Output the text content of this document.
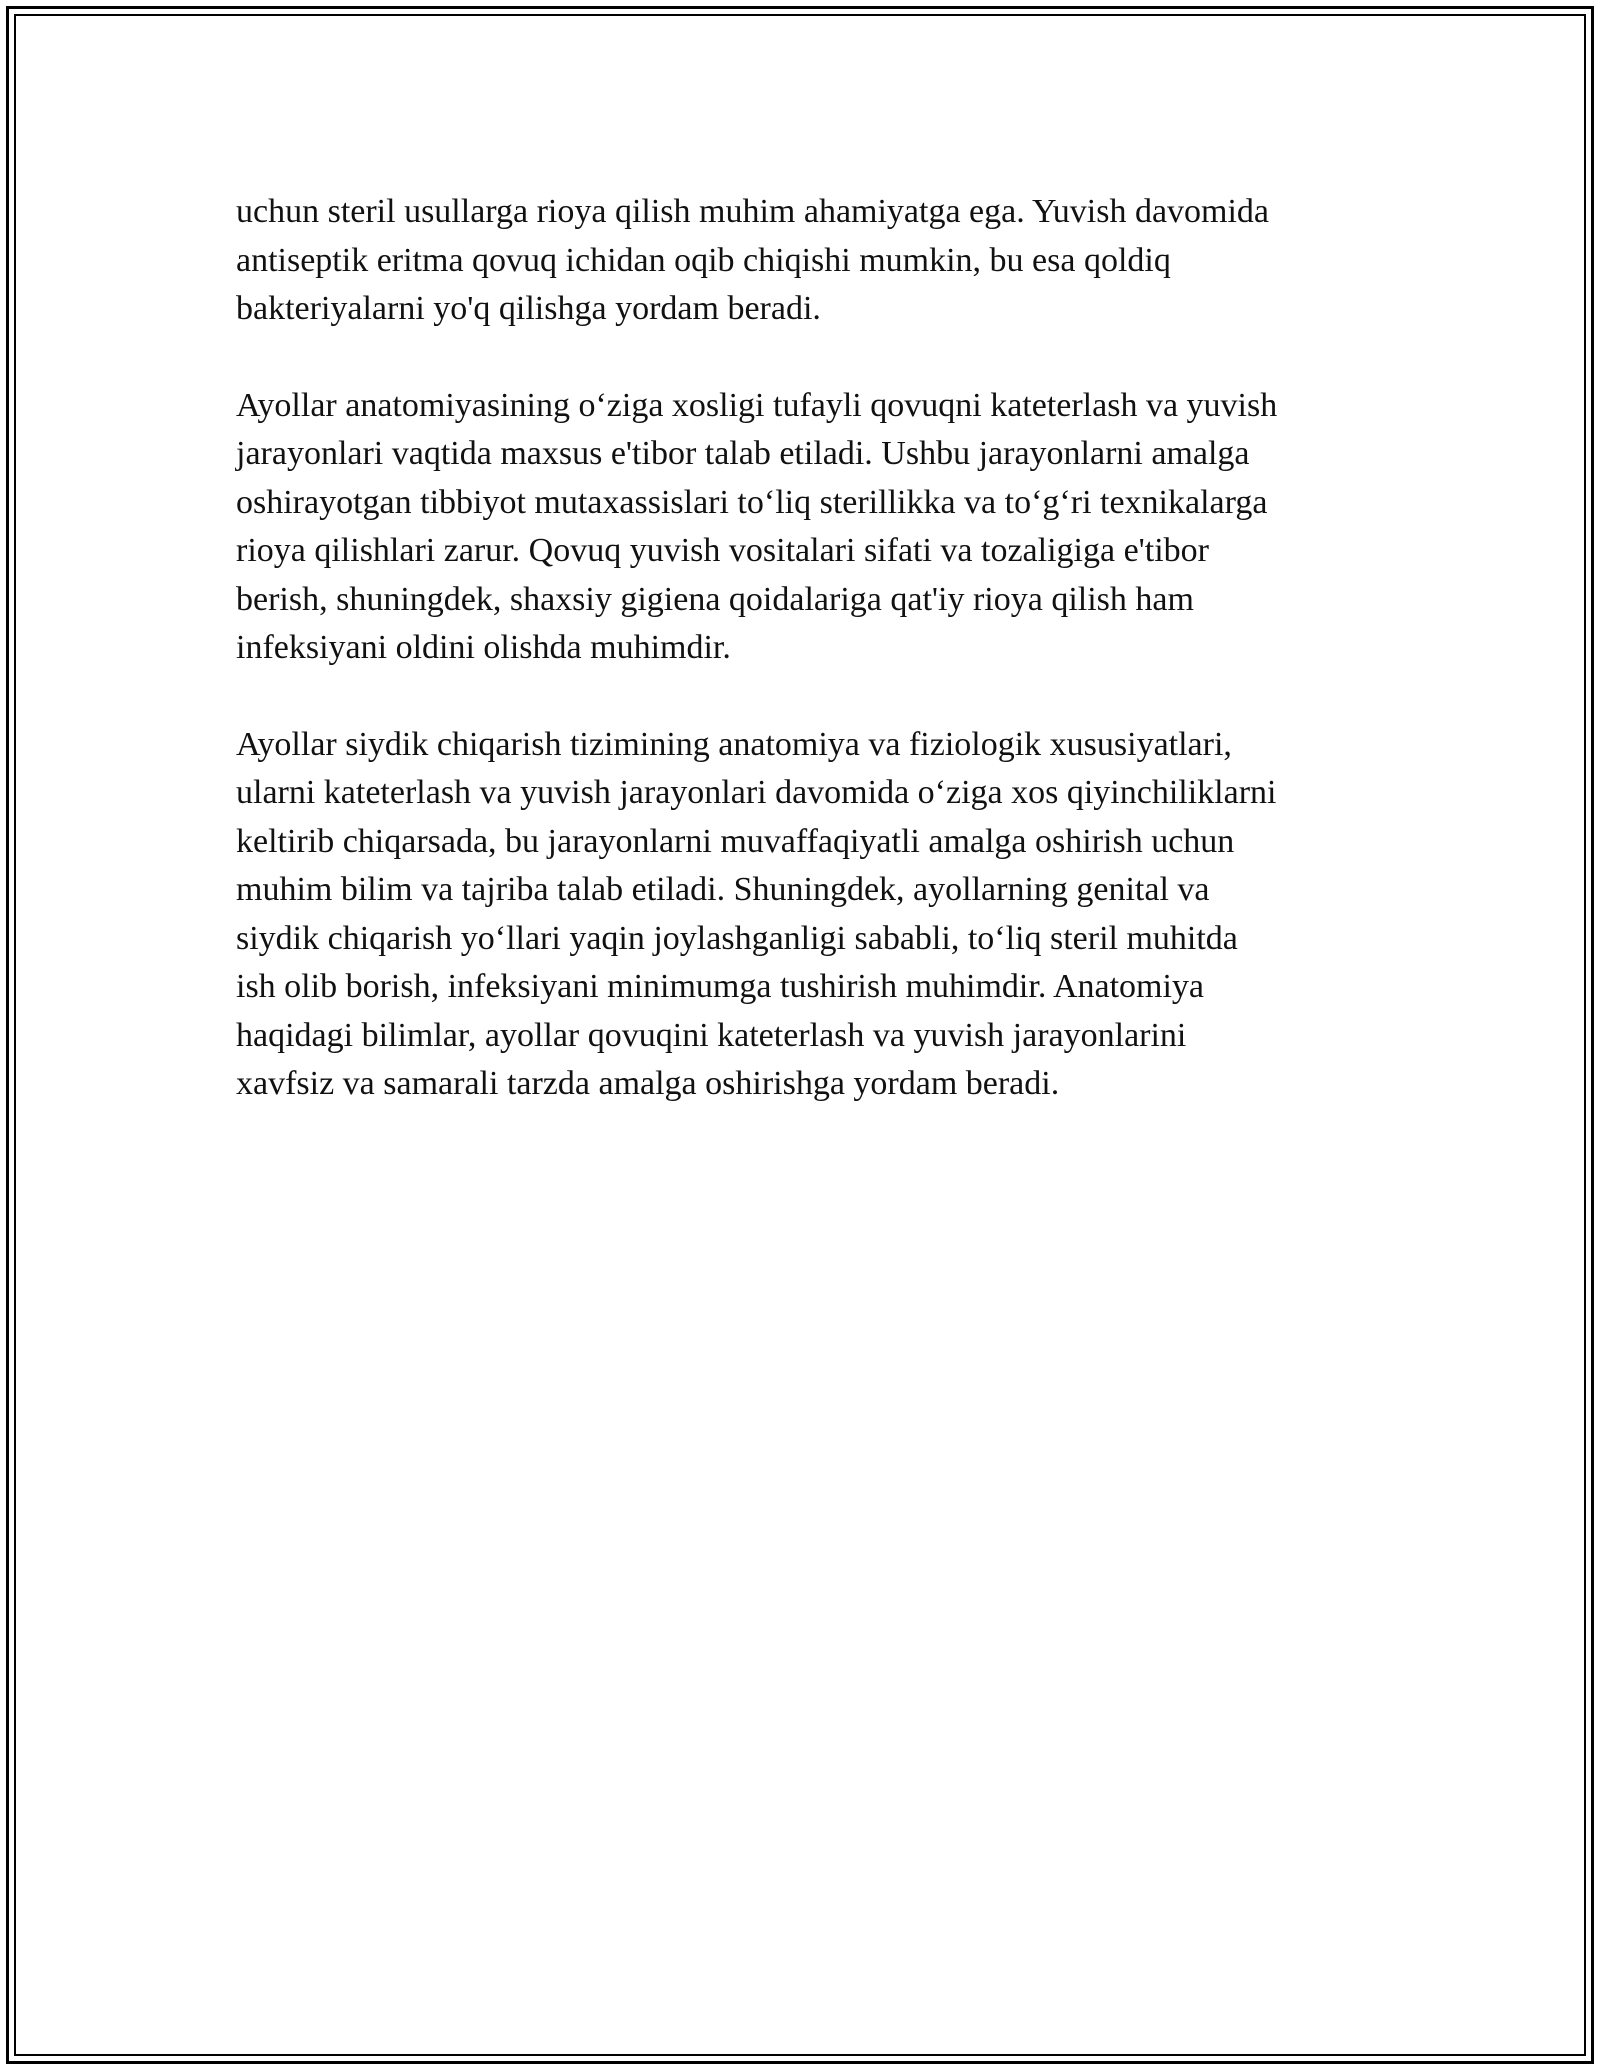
uchun steril usullarga rioya qilish muhim ahamiyatga ega. Yuvish davomida
antiseptik eritma qovuq ichidan oqib chiqishi mumkin, bu esa qoldiq
bakteriyalarni yo'q qilishga yordam beradi.

Ayollar anatomiyasining o‘ziga xosligi tufayli qovuqni kateterlash va yuvish
jarayonlari vaqtida maxsus e'tibor talab etiladi. Ushbu jarayonlarni amalga
oshirayotgan tibbiyot mutaxassislari to‘liq sterillikka va to‘g‘ri texnikalarga
rioya qilishlari zarur. Qovuq yuvish vositalari sifati va tozaligiga e'tibor
berish, shuningdek, shaxsiy gigiena qoidalariga qat'iy rioya qilish ham
infeksiyani oldini olishda muhimdir.

Ayollar siydik chiqarish tizimining anatomiya va fiziologik xususiyatlari,
ularni kateterlash va yuvish jarayonlari davomida o‘ziga xos qiyinchiliklarni
keltirib chiqarsada, bu jarayonlarni muvaffaqiyatli amalga oshirish uchun
muhim bilim va tajriba talab etiladi. Shuningdek, ayollarning genital va
siydik chiqarish yo‘llari yaqin joylashganligi sababli, to‘liq steril muhitda
ish olib borish, infeksiyani minimumga tushirish muhimdir. Anatomiya
haqidagi bilimlar, ayollar qovuqini kateterlash va yuvish jarayonlarini
xavfsiz va samarali tarzda amalga oshirishga yordam beradi.
